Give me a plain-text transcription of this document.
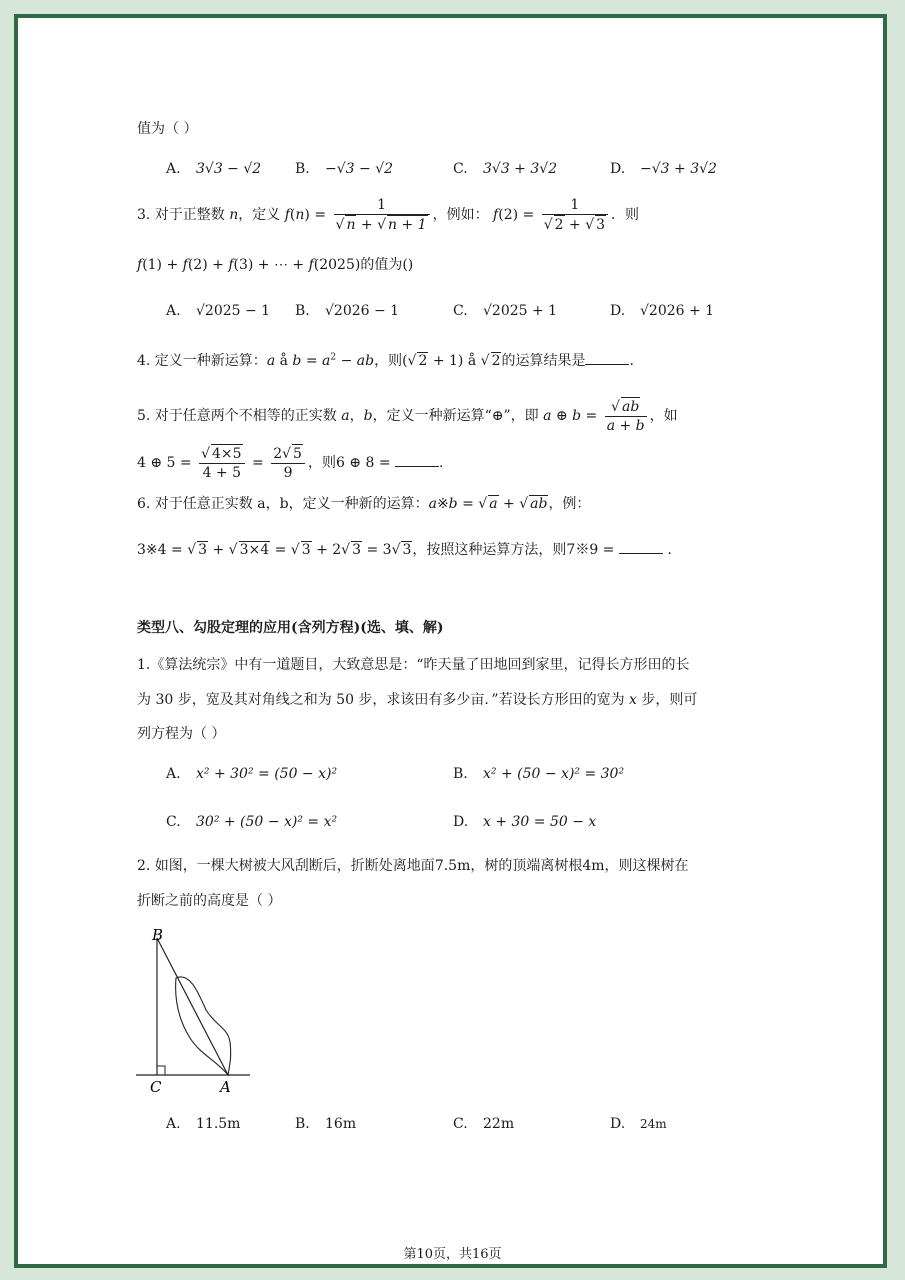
值为（ ）
A. 3√3 − √2 B. −√3 − √2	C. 3√3 + 3√2	D. −√3 + 3√2
3. 对于正整数 n，定义 f(n) = 1
√ n + √ n + 1 ，例如： f(2) = 1
√ 2 + √ 3 ．则
f(1) + f(2) + f(3) + ⋯ + f(2025)的值为()
A. √2025 − 1 B. √2026 − 1	C. √2025 + 1	D. √2026 + 1
4. 定义一种新运算：a å $b = a^2$ − ab，则( √ 2 + 1) å √ 2的运算结果是	.
5. 对于任意两个不相等的正实数 a，b，定义一种新运算“⊕”，即 a ⊕ b = √ $\frac{ab}{a + b}$ ，如
4 ⊕ 5 = √ $\frac{4\times 5}{4 + 5} = \frac{2 √ 5}{9}$ ，则6 ⊕ 8 =	.
6. 对于任意正实数 a，b，定义一种新的运算：a※b = √ a + √ ab，例：
3※4 = √ 3 + √ 3×4 = √ 3 + 2 √ 3 = 3 √ 3，按照这种运算方法，则7※9 =	.
类型八、勾股定理的应用(含列方程)(选、填、解)
1.《算法统宗》中有一道题目，大致意思是：“昨天量了田地回到家里，记得长方形田的长
为 30 步，宽及其对角线之和为 50 步，求该田有多少亩．”若设长方形田的宽为 x 步，则可
列方程为（ ）
A. x² + 30² = (50 − x)²	B. x² + (50 − x)² = 30²
C. 30² + (50 − x)² = x²	D. x + 30 = 50 − x
2. 如图，一棵大树被大风刮断后，折断处离地面7.5m，树的顶端离树根4m，则这棵树在
折断之前的高度是（ ）
B
C	A
A. 11.5m	B. 16m	C. 22m	D. 24m
第10页，共16页
